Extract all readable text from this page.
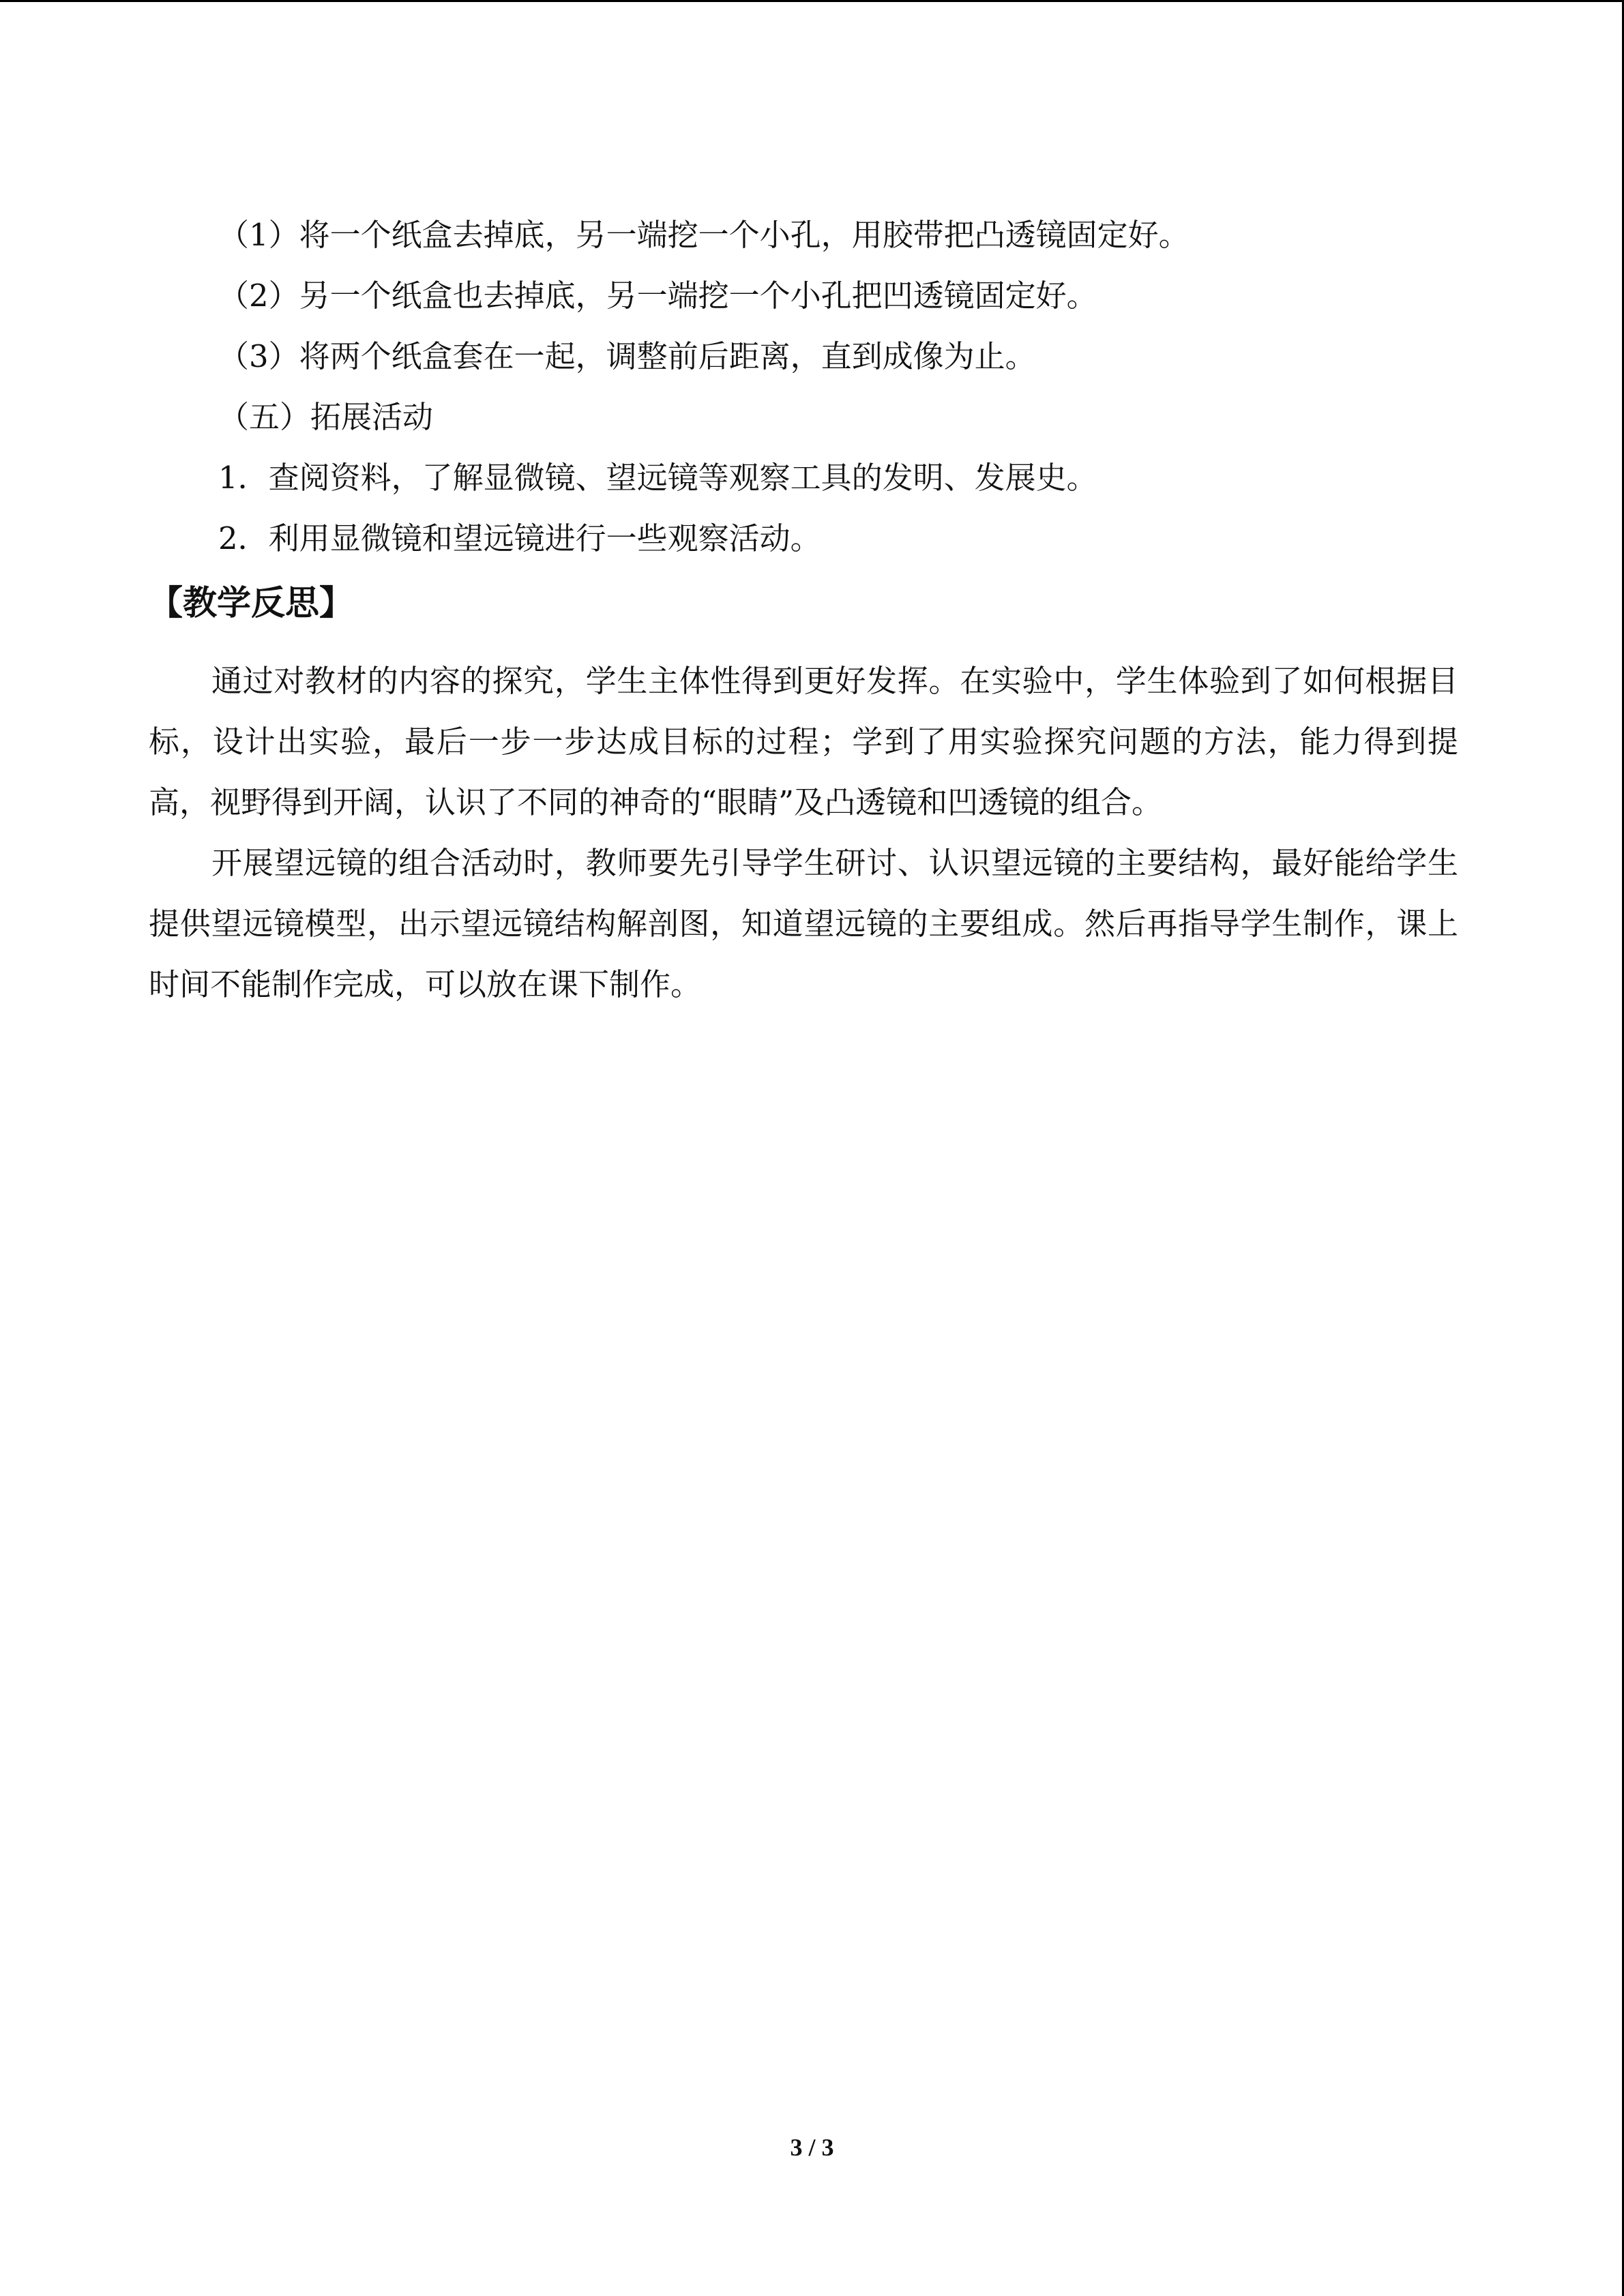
（1）将一个纸盒去掉底，另一端挖一个小孔，用胶带把凸透镜固定好。
（2）另一个纸盒也去掉底，另一端挖一个小孔把凹透镜固定好。
（3）将两个纸盒套在一起，调整前后距离，直到成像为止。
（五）拓展活动
1．查阅资料，了解显微镜、望远镜等观察工具的发明、发展史。
2．利用显微镜和望远镜进行一些观察活动。
【教学反思】

通过对教材的内容的探究，学生主体性得到更好发挥。在实验中，学生体验到了如何根据目标，设计出实验，最后一步一步达成目标的过程；学到了用实验探究问题的方法，能力得到提高，视野得到开阔，认识了不同的神奇的“眼睛”及凸透镜和凹透镜的组合。

开展望远镜的组合活动时，教师要先引导学生研讨、认识望远镜的主要结构，最好能给学生提供望远镜模型，出示望远镜结构解剖图，知道望远镜的主要组成。然后再指导学生制作，课上时间不能制作完成，可以放在课下制作。

3 / 3
